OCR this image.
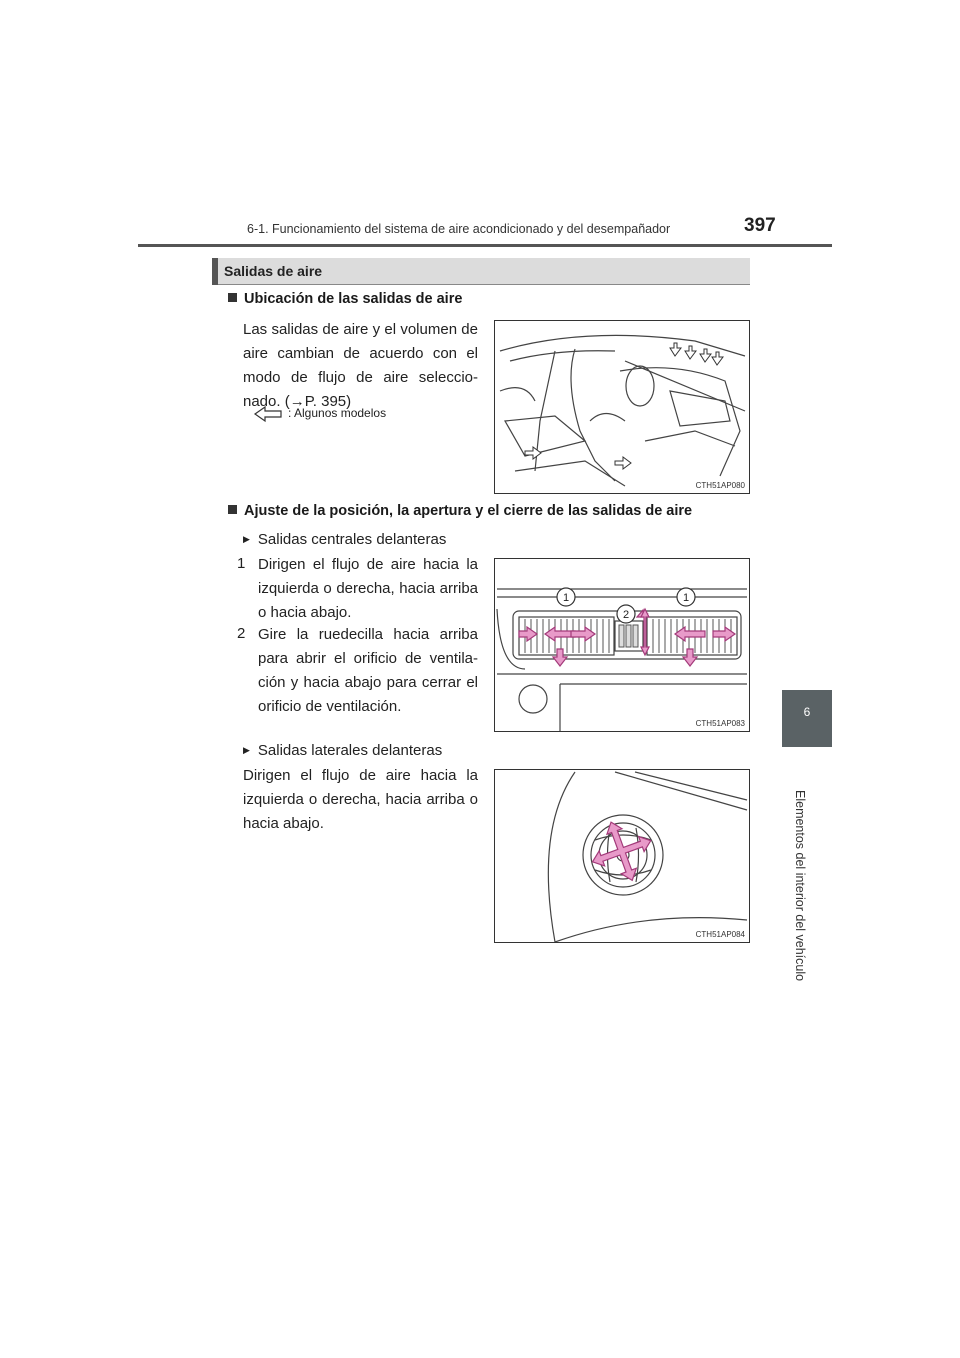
6-1. Funcionamiento del sistema de aire acondicionado y del desempañador	397
6
Elementos del interior del vehículo
Salidas de aire
Ubicación de las salidas de aire
Las salidas de aire y el volumen de aire cambian de acuerdo con el modo de flujo de aire seleccio-nado. (→P. 395)
: Algunos modelos
CTH51AP080
Ajuste de la posición, la apertura y el cierre de las salidas de aire
▶ Salidas centrales delanteras
1 Dirigen el flujo de aire hacia la izquierda o derecha, hacia arriba o hacia abajo.
2 Gire la ruedecilla hacia arriba para abrir el orificio de ventila-ción y hacia abajo para cerrar el orificio de ventilación.
1	1
2
CTH51AP083
▶ Salidas laterales delanteras
Dirigen el flujo de aire hacia la izquierda o derecha, hacia arriba o hacia abajo.
CTH51AP084
